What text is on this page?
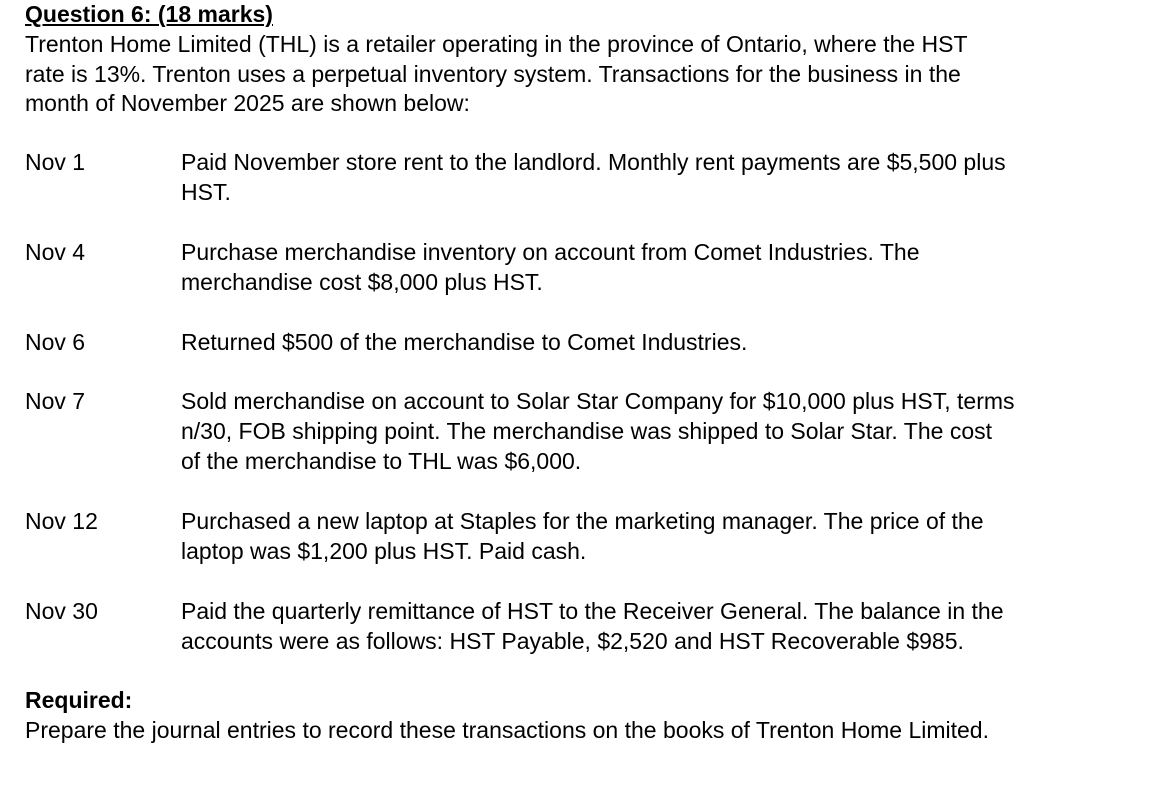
Question 6: (18 marks)
Trenton Home Limited (THL) is a retailer operating in the province of Ontario, where the HST
rate is 13%. Trenton uses a perpetual inventory system. Transactions for the business in the
month of November 2025 are shown below:
Nov 1	Paid November store rent to the landlord. Monthly rent payments are $5,500 plus
HST.
Nov 4	Purchase merchandise inventory on account from Comet Industries. The
merchandise cost $8,000 plus HST.
Nov 6	Returned $500 of the merchandise to Comet Industries.
Nov 7	Sold merchandise on account to Solar Star Company for $10,000 plus HST, terms
n/30, FOB shipping point. The merchandise was shipped to Solar Star. The cost
of the merchandise to THL was $6,000.
Nov 12	Purchased a new laptop at Staples for the marketing manager. The price of the
laptop was $1,200 plus HST. Paid cash.
Nov 30	Paid the quarterly remittance of HST to the Receiver General. The balance in the
accounts were as follows: HST Payable, $2,520 and HST Recoverable $985.
Required:
Prepare the journal entries to record these transactions on the books of Trenton Home Limited.
